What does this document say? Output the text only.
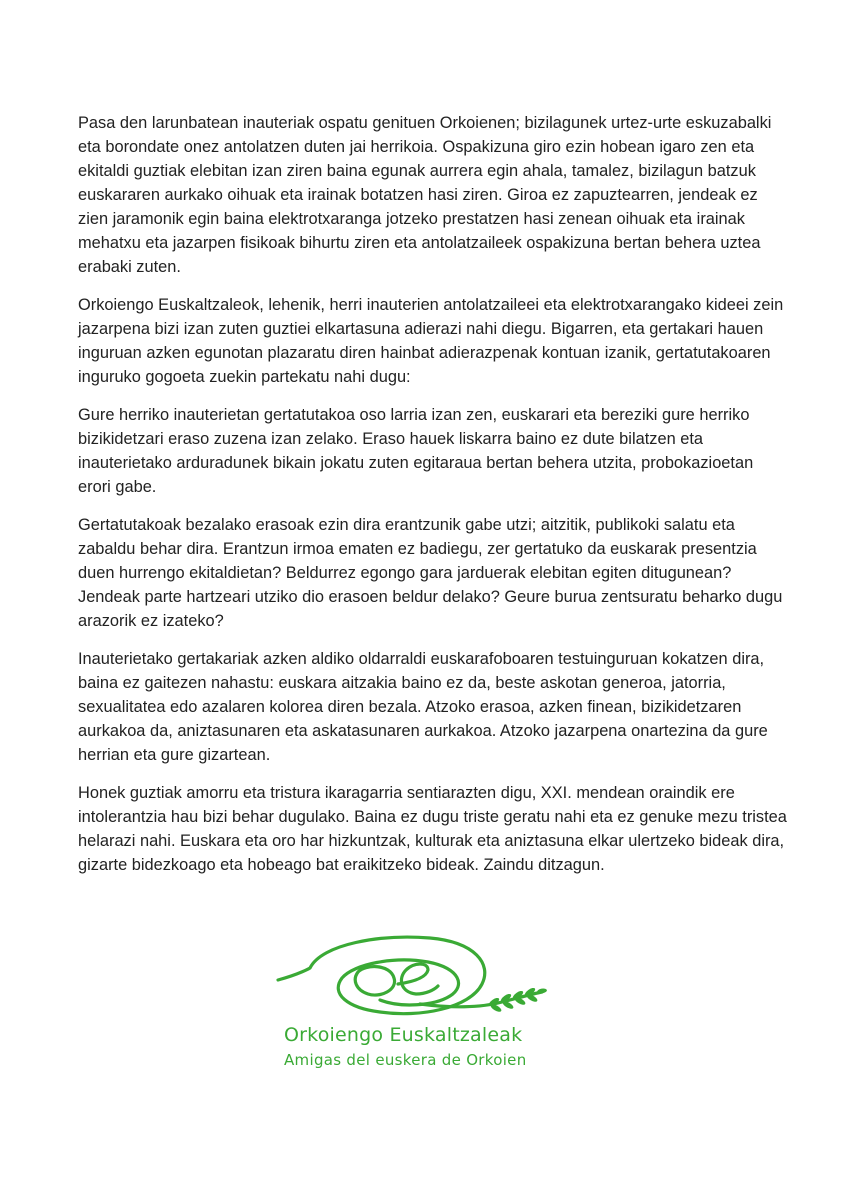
Pasa den larunbatean inauteriak ospatu genituen Orkoienen; bizilagunek urtez-urte eskuzabalki eta borondate onez antolatzen duten jai herrikoia. Ospakizuna giro ezin hobean igaro zen eta ekitaldi guztiak elebitan izan ziren baina egunak aurrera egin ahala, tamalez, bizilagun batzuk euskararen aurkako oihuak eta irainak botatzen hasi ziren. Giroa ez zapuztearren, jendeak ez zien jaramonik egin baina elektrotxaranga jotzeko prestatzen hasi zenean oihuak eta irainak mehatxu eta jazarpen fisikoak bihurtu ziren eta antolatzaileek ospakizuna bertan behera uztea erabaki zuten.

Orkoiengo Euskaltzaleok, lehenik, herri inauterien antolatzaileei eta elektrotxarangako kideei zein jazarpena bizi izan zuten guztiei elkartasuna adierazi nahi diegu. Bigarren, eta gertakari hauen inguruan azken egunotan plazaratu diren hainbat adierazpenak kontuan izanik, gertatutakoaren inguruko gogoeta zuekin partekatu nahi dugu:

Gure herriko inauterietan gertatutakoa oso larria izan zen, euskarari eta bereziki gure herriko bizikidetzari eraso zuzena izan zelako. Eraso hauek liskarra baino ez dute bilatzen eta inauterietako arduradunek bikain jokatu zuten egitaraua bertan behera utzita, probokazioetan erori gabe.

Gertatutakoak bezalako erasoak ezin dira erantzunik gabe utzi; aitzitik, publikoki salatu eta zabaldu behar dira. Erantzun irmoa ematen ez badiegu, zer gertatuko da euskarak presentzia duen hurrengo ekitaldietan? Beldurrez egongo gara jarduerak elebitan egiten ditugunean? Jendeak parte hartzeari utziko dio erasoen beldur delako? Geure burua zentsuratu beharko dugu arazorik ez izateko?

Inauterietako gertakariak azken aldiko oldarraldi euskarafoboaren testuinguruan kokatzen dira, baina ez gaitezen nahastu: euskara aitzakia baino ez da, beste askotan generoa, jatorria, sexualitatea edo azalaren kolorea diren bezala. Atzoko erasoa, azken finean, bizikidetzaren aurkakoa da, aniztasunaren eta askatasunaren aurkakoa. Atzoko jazarpena onartezina da gure herrian eta gure gizartean.

Honek guztiak amorru eta tristura ikaragarria sentiarazten digu, XXI. mendean oraindik ere intolerantzia hau bizi behar dugulako. Baina ez dugu triste geratu nahi eta ez genuke mezu tristea helarazi nahi. Euskara eta oro har hizkuntzak, kulturak eta aniztasuna elkar ulertzeko bideak dira, gizarte bidezkoago eta hobeago bat eraikitzeko bideak. Zaindu ditzagun.

Orkoiengo Euskaltzaleak
Amigas del euskera de Orkoien
